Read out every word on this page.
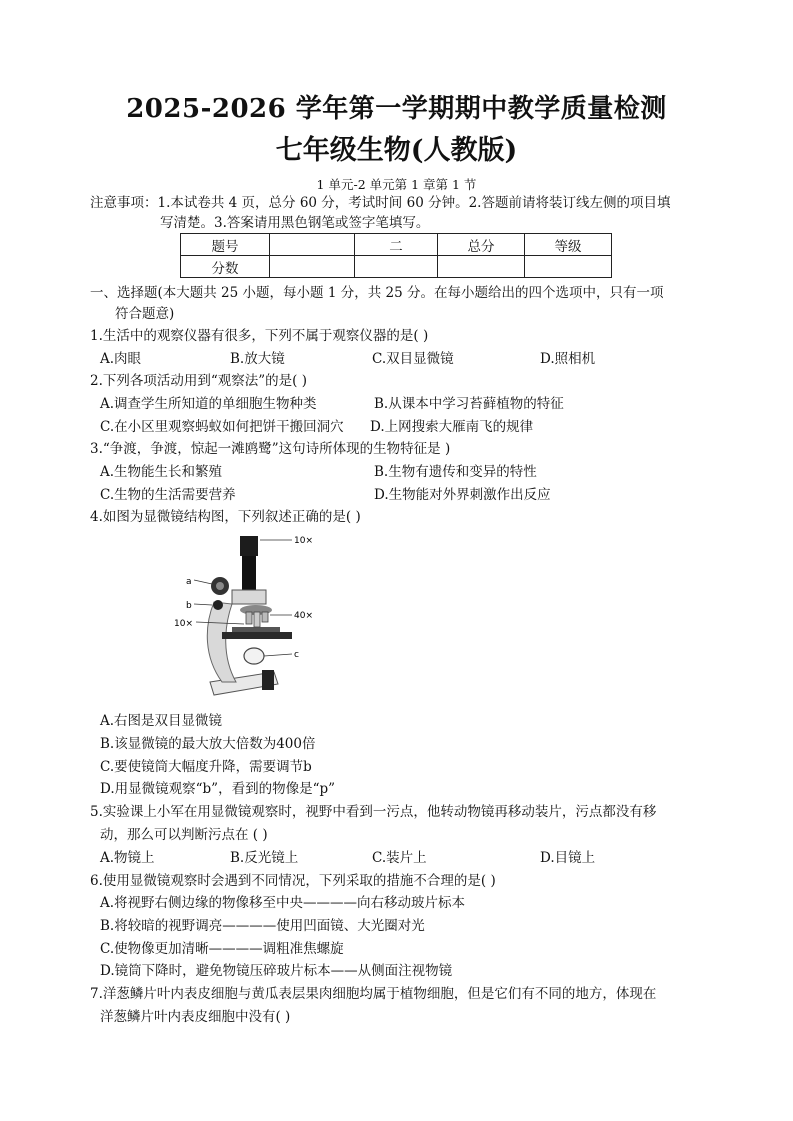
2025-2026 学年第一学期期中教学质量检测
七年级生物(人教版)
1 单元-2 单元第 1 章第 1 节
注意事项：1.本试卷共 4 页，总分 60 分，考试时间 60 分钟。2.答题前请将装订线左侧的项目填
写清楚。3.答案请用黑色钢笔或签字笔填写。
题号		二	总分	等级
分数				
一、选择题(本大题共 25 小题，每小题 1 分，共 25 分。在每小题给出的四个选项中，只有一项
符合题意)
1.生活中的观察仪器有很多，下列不属于观察仪器的是( )
A.肉眼	B.放大镜	C.双目显微镜	D.照相机
2.下列各项活动用到“观察法”的是( )
A.调查学生所知道的单细胞生物种类	B.从课本中学习苔藓植物的特征
C.在小区里观察蚂蚁如何把饼干搬回洞穴 D.上网搜索大雁南飞的规律
3.“争渡，争渡，惊起一滩鸥鹭”这句诗所体现的生物特征是 )
A.生物能生长和繁殖	B.生物有遗传和变异的特性
C.生物的生活需要营养	D.生物能对外界刺激作出反应
4.如图为显微镜结构图，下列叙述正确的是( )
a
b
c
10×
40×
10×
A.右图是双目显微镜
B.该显微镜的最大放大倍数为400倍
C.要使镜筒大幅度升降，需要调节b
D.用显微镜观察“b”，看到的物像是“p”
5.实验课上小军在用显微镜观察时，视野中看到一污点，他转动物镜再移动装片，污点都没有移
动，那么可以判断污点在 ( )
A.物镜上	B.反光镜上	C.装片上	D.目镜上
6.使用显微镜观察时会遇到不同情况，下列采取的措施不合理的是( )
A.将视野右侧边缘的物像移至中央————向右移动玻片标本
B.将较暗的视野调亮————使用凹面镜、大光圈对光
C.使物像更加清晰————调粗准焦螺旋
D.镜筒下降时，避免物镜压碎玻片标本——从侧面注视物镜
7.洋葱鳞片叶内表皮细胞与黄瓜表层果肉细胞均属于植物细胞，但是它们有不同的地方，体现在
洋葱鳞片叶内表皮细胞中没有( )
